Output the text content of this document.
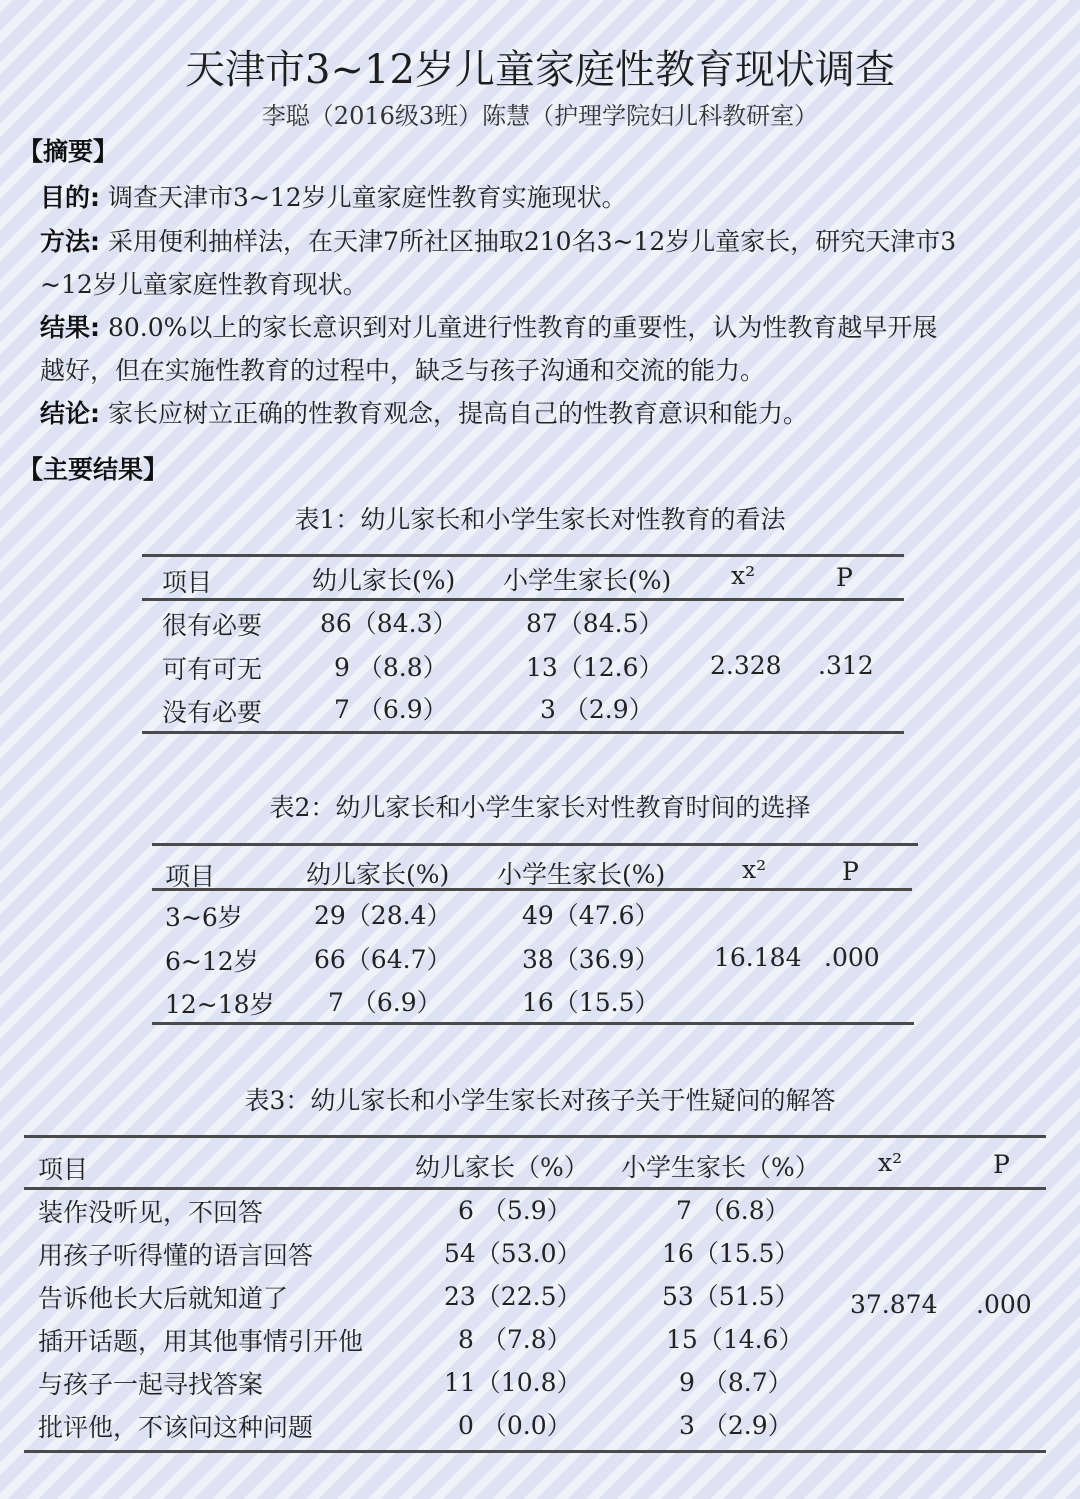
天津市3~12岁儿童家庭性教育现状调查
李聪（2016级3班）陈慧（护理学院妇儿科教研室）
【摘要】
目的: 调查天津市3~12岁儿童家庭性教育实施现状。
方法: 采用便利抽样法，在天津7所社区抽取210名3~12岁儿童家长，研究天津市3
~12岁儿童家庭性教育现状。
结果: 80.0%以上的家长意识到对儿童进行性教育的重要性，认为性教育越早开展
越好，但在实施性教育的过程中，缺乏与孩子沟通和交流的能力。
结论: 家长应树立正确的性教育观念，提高自己的性教育意识和能力。
【主要结果】
表1：幼儿家长和小学生家长对性教育的看法
项目	幼儿家长(%) 小学生家长(%) x²	P
很有必要 86（84.3）	87（84.5）
可有可无	9 （8.8）	13（12.6）
没有必要	7 （6.9）	3 （2.9）
2.328 .312
表2：幼儿家长和小学生家长对性教育时间的选择
项目	幼儿家长(%) 小学生家长(%)	x²	P
3~6岁	29（28.4）	49（47.6）
6~12岁 66（64.7）	38（36.9）
12~18岁 7 （6.9）	16（15.5）
16.184 .000
表3：幼儿家长和小学生家长对孩子关于性疑问的解答
项目	幼儿家长（%） 小学生家长（%） x²	P
装作没听见，不回答	6 （5.9）	7 （6.8）
用孩子听得懂的语言回答	54（53.0）	16（15.5）
告诉他长大后就知道了	23（22.5）	53（51.5）
插开话题，用其他事情引开他	8 （7.8）	15（14.6）
与孩子一起寻找答案	11（10.8）	9 （8.7）
批评他，不该问这种问题	0 （0.0）	3 （2.9）
37.874 .000
